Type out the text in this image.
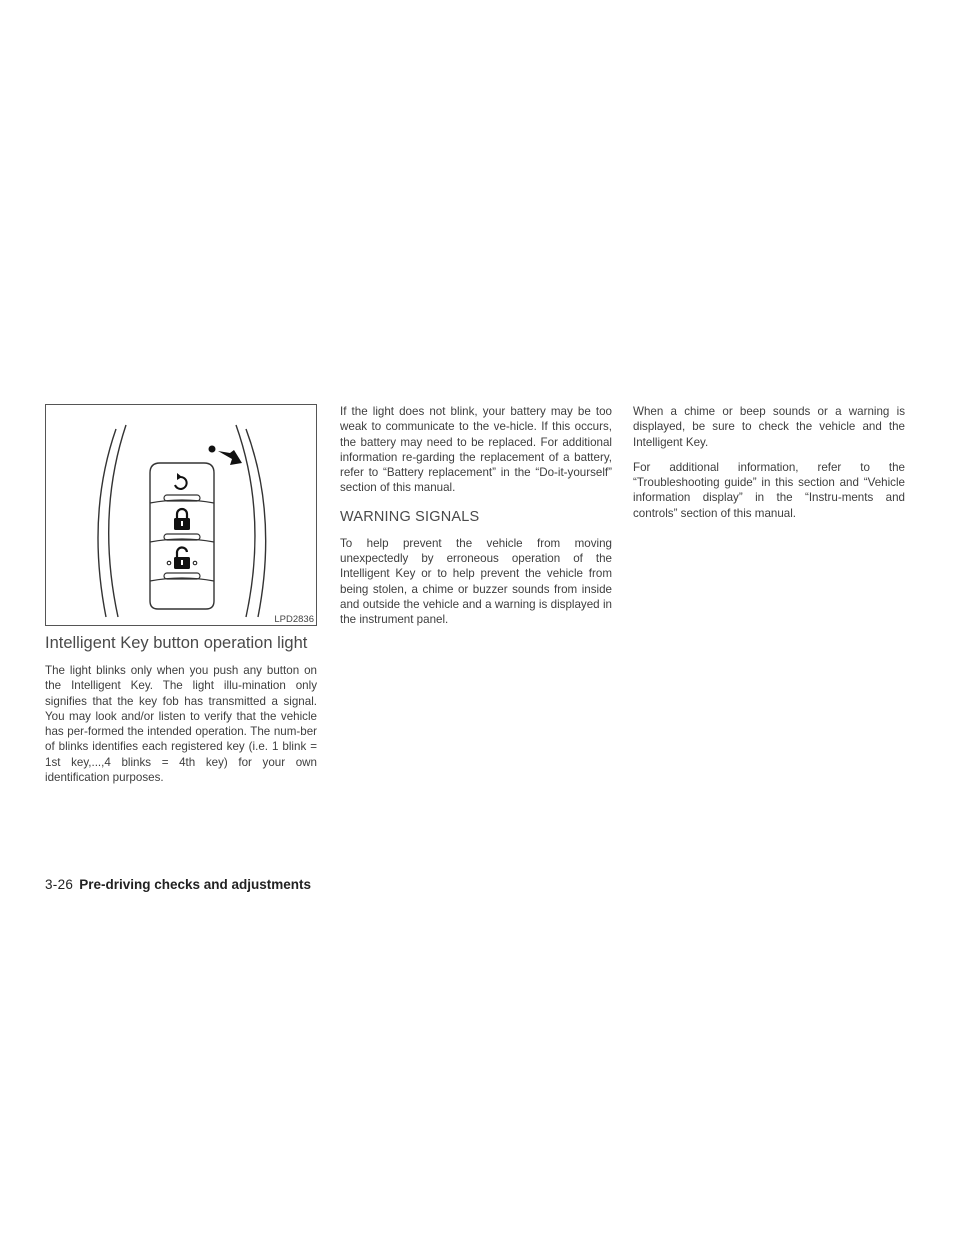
LPD2836
Intelligent Key button operation light

The light blinks only when you push any button on the Intelligent Key. The light illu-mination only signifies that the key fob has transmitted a signal. You may look and/or listen to verify that the vehicle has per-formed the intended operation. The num-ber of blinks identifies each registered key (i.e. 1 blink = 1st key,...,4 blinks = 4th key) for your own identification purposes.

If the light does not blink, your battery may be too weak to communicate to the ve-hicle. If this occurs, the battery may need to be replaced. For additional information re-garding the replacement of a battery, refer to “Battery replacement” in the “Do-it-yourself” section of this manual.

WARNING SIGNALS

To help prevent the vehicle from moving unexpectedly by erroneous operation of the Intelligent Key or to help prevent the vehicle from being stolen, a chime or buzzer sounds from inside and outside the vehicle and a warning is displayed in the instrument panel.

When a chime or beep sounds or a warning is displayed, be sure to check the vehicle and the Intelligent Key.

For additional information, refer to the “Troubleshooting guide” in this section and “Vehicle information display” in the “Instru-ments and controls” section of this manual.

3-26 Pre-driving checks and adjustments
